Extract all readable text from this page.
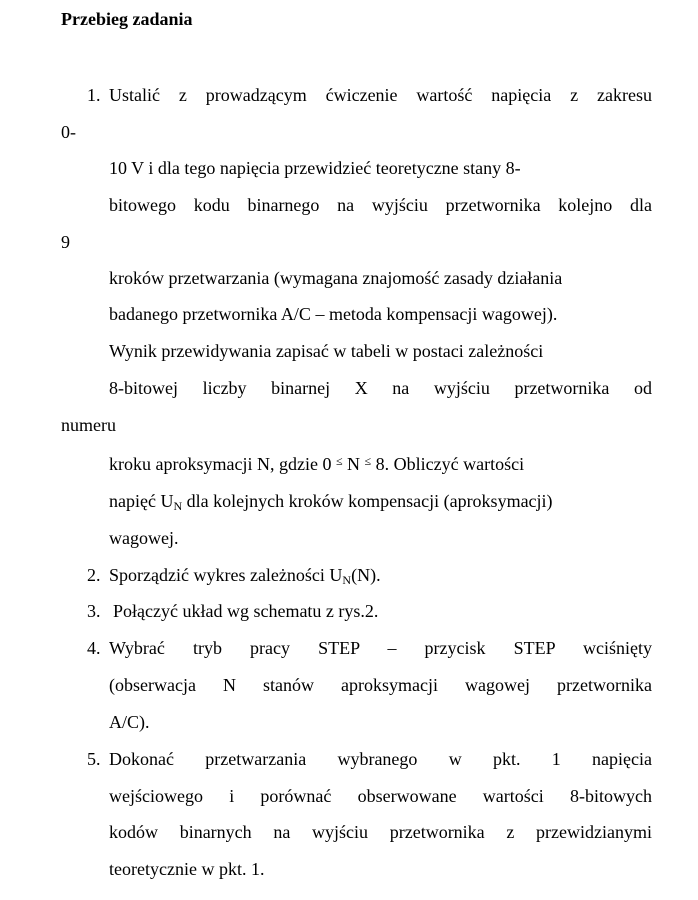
Przebieg zadania
1. Ustalić z prowadzącym ćwiczenie wartość napięcia z zakresu
0-
10 V i dla tego napięcia przewidzieć teoretyczne stany 8-
bitowego kodu binarnego na wyjściu przetwornika kolejno dla
9
kroków przetwarzania (wymagana znajomość zasady działania
badanego przetwornika A/C – metoda kompensacji wagowej).
Wynik przewidywania zapisać w tabeli w postaci zależności
8-bitowej liczby binarnej X na wyjściu przetwornika od
numeru
kroku aproksymacji N, gdzie 0 ≤ N ≤ 8. Obliczyć wartości
napięć $U_N$ dla kolejnych kroków kompensacji (aproksymacji)
wagowej.
2. Sporządzić wykres zależności $U_N(N)$.
3. Połączyć układ wg schematu z rys.2.
4. Wybrać tryb pracy STEP – przycisk STEP wciśnięty
(obserwacja N stanów aproksymacji wagowej przetwornika
A/C).
5. Dokonać przetwarzania wybranego w pkt. 1 napięcia
wejściowego i porównać obserwowane wartości 8-bitowych
kodów binarnych na wyjściu przetwornika z przewidzianymi
teoretycznie w pkt. 1.
